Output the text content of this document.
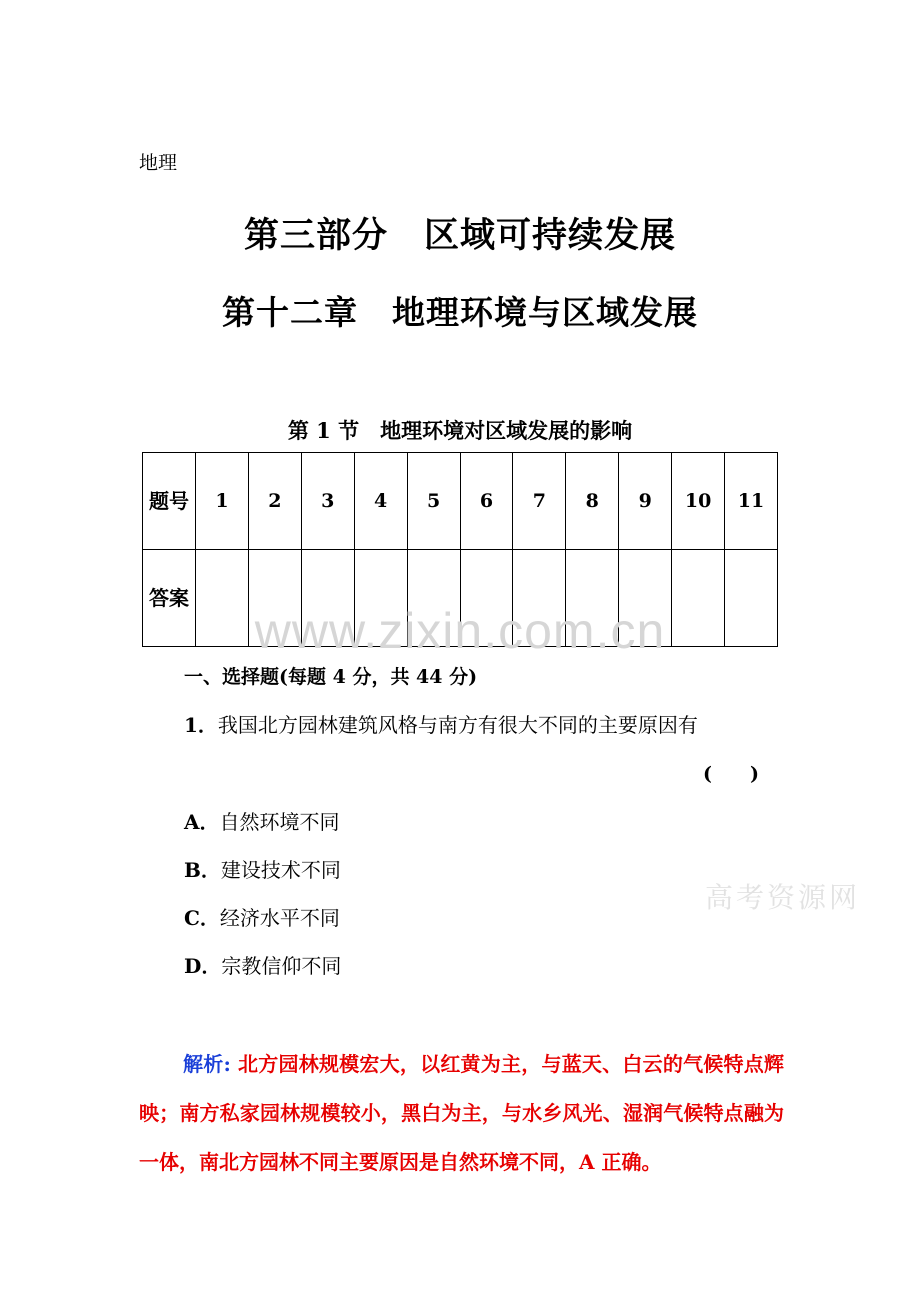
地理
第三部分　区域可持续发展
第十二章　地理环境与区域发展
第 1 节　地理环境对区域发展的影响
题号	1	2	3	4	5	6	7	8	9	10	11
答案											
www.zixin.com.cn
高考资源网
一、选择题(每题 4 分，共 44 分)
1．我国北方园林建筑风格与南方有很大不同的主要原因有
(　　)
A．自然环境不同
B．建设技术不同
C．经济水平不同
D．宗教信仰不同
解析: 北方园林规模宏大，以红黄为主，与蓝天、白云的气候特点辉映；南方私家园林规模较小，黑白为主，与水乡风光、湿润气候特点融为一体，南北方园林不同主要原因是自然环境不同，A 正确。
